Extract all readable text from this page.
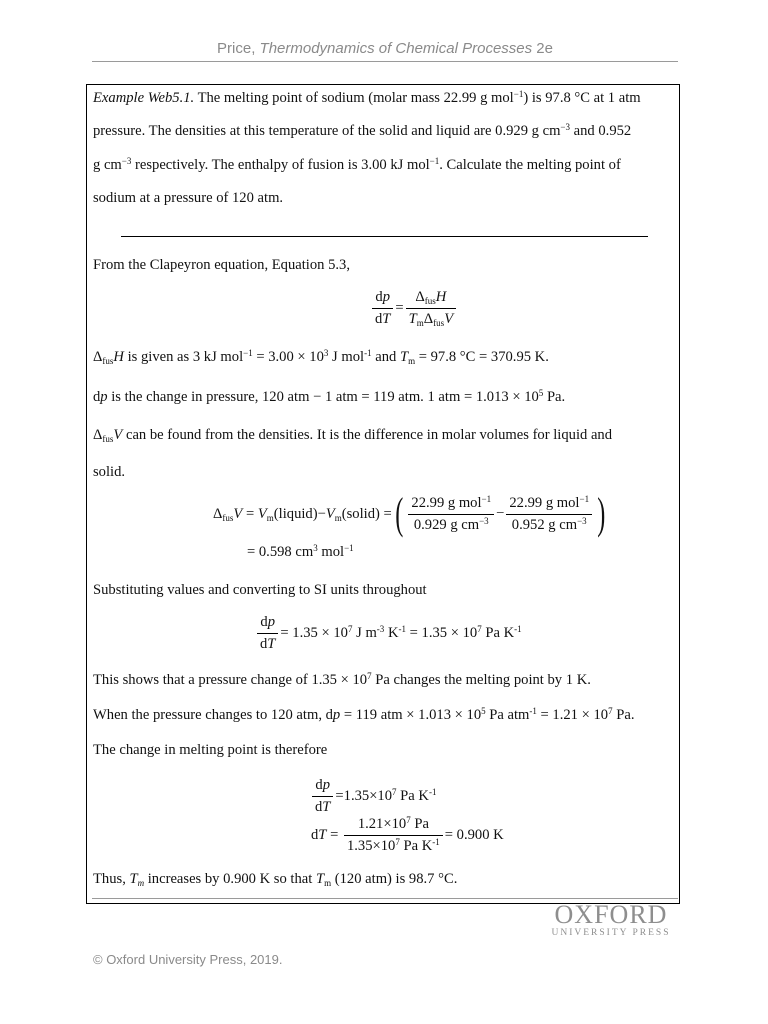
Price, Thermodynamics of Chemical Processes 2e
Example Web5.1. The melting point of sodium (molar mass 22.99 g mol$^{-1}$) is 97.8 °C at 1 atm
pressure. The densities at this temperature of the solid and liquid are 0.929 g $cm^{-3}$ and 0.952
g $cm^{-3}$ respectively. The enthalpy of fusion is 3.00 kJ mol$^{-1}$. Calculate the melting point of
sodium at a pressure of 120 atm.
From the Clapeyron equation, Equation 5.3,
$\frac{dp}{dT} = \frac{\Delta_{fus}H}{T_m\Delta_{fus}V}$
$\Delta_{fus}H$ is given as 3 kJ $mol^{-1} = 3.00 \times 10^3$ J mol$^{-1}$ and $T_m = 97.8$ °C = 370.95 K.
dp is the change in pressure, 120 atm − 1 atm = 119 atm. 1 atm = $1.013 \times 10^5$ Pa.
$\Delta_{fus}V$ can be found from the densities. It is the difference in molar volumes for liquid and
solid.
$\Delta_{fus}V$ = $V_m(liquid)-V_m(solid)$ =( $\frac{22.99 g mol^{-1}}{0.929 g cm^{-3}} - \frac{22.99 g mol^{-1}}{0.952 g cm^{-3}}$ )
= 0.598 $cm^3$ mol$^{-1}$
Substituting values and converting to SI units throughout
$\frac{dp}{dT} = 1.35 \times 10^7$ J $m^{-3}$ $K^{-1} = 1.35 \times 10^7$ Pa $K^{-1}$
This shows that a pressure change of $1.35 \times 10^7$ Pa changes the melting point by 1 K.
When the pressure changes to 120 atm, dp = 119 atm × $1.013 \times 10^5$ Pa $atm^{-1} = 1.21 \times 10^7$ Pa.
The change in melting point is therefore
$\frac{dp}{dT} =1.35\times 10^7$ Pa $K^{-1}$
dT = $\frac{1.21\times 10^7 Pa}{1.35\times 10^7 Pa K^{-1}} = 0.900$ K
Thus, $T_m$ increases by 0.900 K so that $T_m$ (120 atm) is 98.7 °C.
OXFORD
UNIVERSITY PRESS
© Oxford University Press, 2019.
